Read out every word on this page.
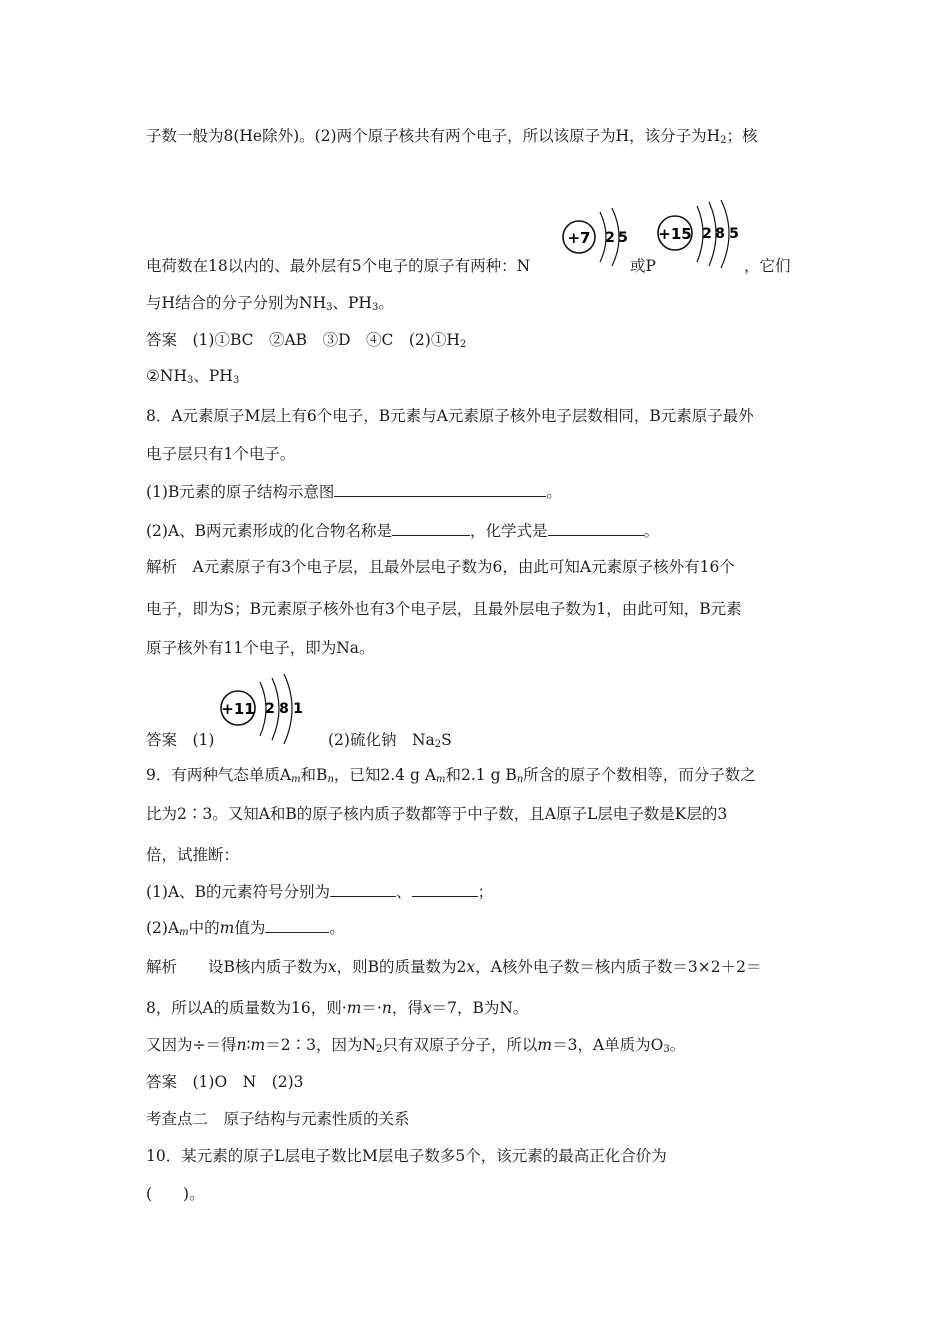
子数一般为8(He除外)。(2)两个原子核共有两个电子，所以该原子为H，该分子为$H_2$；核
+7 2 5 +15 2 8 5
电荷数在18以内的、最外层有5个电子的原子有两种：N	或P	，它们
与H结合的分子分别为$NH_3$、$PH_3$。
答案　(1)①BC　②AB　③D　④C　$(2)①H_2$
$②NH_3$、$PH_3$
8．A元素原子M层上有6个电子，B元素与A元素原子核外电子层数相同，B元素原子最外
电子层只有1个电子。
(1)B元素的原子结构示意图	。
(2)A、B两元素形成的化合物名称是	，化学式是	。
解析　A元素原子有3个电子层，且最外层电子数为6，由此可知A元素原子核外有16个
电子，即为S；B元素原子核外也有3个电子层，且最外层电子数为1，由此可知，B元素
原子核外有11个电子，即为Na。
+11 2 8 1
答案　(1)	(2)硫化钠　$Na_2S$
9．有两种气态单质$A_m$和$B_n$，已知2.4 g $A_m$和2.1 g $B_n$所含的原子个数相等，而分子数之
比为2∶3。又知A和B的原子核内质子数都等于中子数，且A原子L层电子数是K层的3
倍，试推断：
(1)A、B的元素符号分别为	、	；
$(2)A_m$中的m值为	。
解析　　设B核内质子数为x，则B的质量数为2x，A核外电子数＝核内质子数＝3×2＋2＝
8，所以A的质量数为16，则·m＝·n，得x＝7，B为N。
又因为÷＝得n∶m＝2∶3，因为$N_2$只有双原子分子，所以m＝3，A单质为$O_3$。
答案　(1)O　N　(2)3
考查点二　原子结构与元素性质的关系
10．某元素的原子L层电子数比M层电子数多5个，该元素的最高正化合价为
(　　)。
